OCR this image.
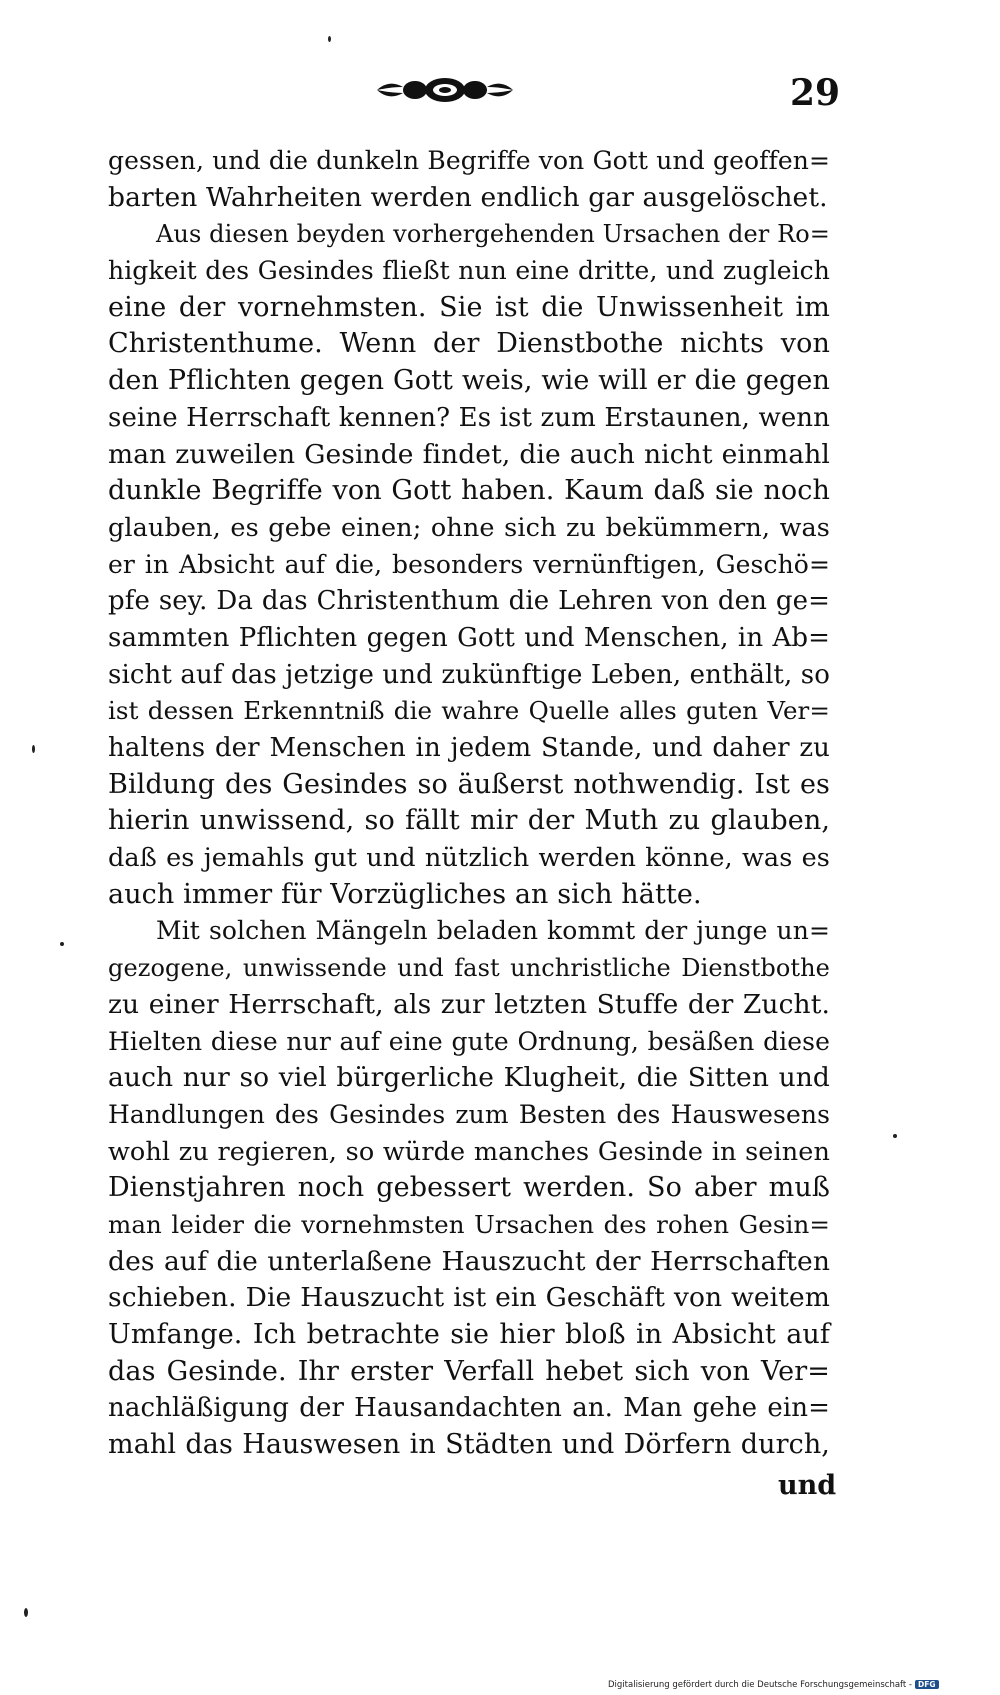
29
gessen, und die dunkeln Begriffe von Gott und geoffen=
barten Wahrheiten werden endlich gar ausgelöschet.
Aus diesen beyden vorhergehenden Ursachen der Ro=
higkeit des Gesindes fließt nun eine dritte, und zugleich
eine der vornehmsten. Sie ist die Unwissenheit im
Christenthume. Wenn der Dienstbothe nichts von
den Pflichten gegen Gott weis, wie will er die gegen
seine Herrschaft kennen? Es ist zum Erstaunen, wenn
man zuweilen Gesinde findet, die auch nicht einmahl
dunkle Begriffe von Gott haben. Kaum daß sie noch
glauben, es gebe einen; ohne sich zu bekümmern, was
er in Absicht auf die, besonders vernünftigen, Geschö=
pfe sey. Da das Christenthum die Lehren von den ge=
sammten Pflichten gegen Gott und Menschen, in Ab=
sicht auf das jetzige und zukünftige Leben, enthält, so
ist dessen Erkenntniß die wahre Quelle alles guten Ver=
haltens der Menschen in jedem Stande, und daher zu
Bildung des Gesindes so äußerst nothwendig. Ist es
hierin unwissend, so fällt mir der Muth zu glauben,
daß es jemahls gut und nützlich werden könne, was es
auch immer für Vorzügliches an sich hätte.
Mit solchen Mängeln beladen kommt der junge un=
gezogene, unwissende und fast unchristliche Dienstbothe
zu einer Herrschaft, als zur letzten Stuffe der Zucht.
Hielten diese nur auf eine gute Ordnung, besäßen diese
auch nur so viel bürgerliche Klugheit, die Sitten und
Handlungen des Gesindes zum Besten des Hauswesens
wohl zu regieren, so würde manches Gesinde in seinen
Dienstjahren noch gebessert werden. So aber muß
man leider die vornehmsten Ursachen des rohen Gesin=
des auf die unterlaßene Hauszucht der Herrschaften
schieben. Die Hauszucht ist ein Geschäft von weitem
Umfange. Ich betrachte sie hier bloß in Absicht auf
das Gesinde. Ihr erster Verfall hebet sich von Ver=
nachläßigung der Hausandachten an. Man gehe ein=
mahl das Hauswesen in Städten und Dörfern durch,
und
Digitalisierung gefördert durch die Deutsche Forschungsgemeinschaft - DFG
